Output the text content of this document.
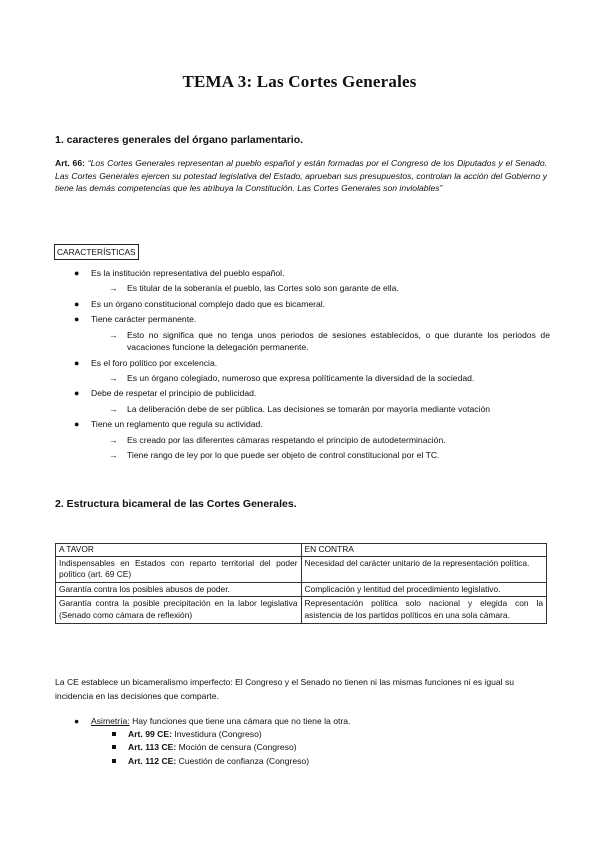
TEMA 3: Las Cortes Generales
1. caracteres generales del órgano parlamentario.
Art. 66: “Los Cortes Generales representan al pueblo español y están formadas por el Congreso de los Diputados y el Senado. Las Cortes Generales ejercen su potestad legislativa del Estado, aprueban sus presupuestos, controlan la acción del Gobierno y tiene las demás competencias que les atribuya la Constitución. Las Cortes Generales son inviolables”
CARACTERÍSTICAS
● Es la institución representativa del pueblo español.
→ Es titular de la soberanía el pueblo, las Cortes solo son garante de ella.
● Es un órgano constitucional complejo dado que es bicameral.
● Tiene carácter permanente.
→ Esto no significa que no tenga unos periodos de sesiones establecidos, o que durante los periodos de vacaciones funcione la delegación permanente.
● Es el foro político por excelencia.
→ Es un órgano colegiado, numeroso que expresa políticamente la diversidad de la sociedad.
● Debe de respetar el principio de publicidad.
→ La deliberación debe de ser pública. Las decisiones se tomarán por mayoría mediante votación
● Tiene un reglamento que regula su actividad.
→ Es creado por las diferentes cámaras respetando el principio de autodeterminación.
→ Tiene rango de ley por lo que puede ser objeto de control constitucional por el TC.
2. Estructura bicameral de las Cortes Generales.
A TAVOR	EN CONTRA
Indispensables en Estados con reparto territorial del poder político (art. 69 CE)	Necesidad del carácter unitario de la representación política.
Garantía contra los posibles abusos de poder.	Complicación y lentitud del procedimiento legislativo.
Garantía contra la posible precipitación en la labor legislativa (Senado como cámara de reflexión)	Representación política solo nacional y elegida con la asistencia de los partidos políticos en una sola cámara.
La CE establece un bicameralismo imperfecto: El Congreso y el Senado no tienen ni las mismas funciones ni es igual su incidencia en las decisiones que comparte.
● Asimetría: Hay funciones que tiene una cámara que no tiene la otra.
Art. 99 CE: Investidura (Congreso)
Art. 113 CE: Moción de censura (Congreso)
Art. 112 CE: Cuestión de confianza (Congreso)
